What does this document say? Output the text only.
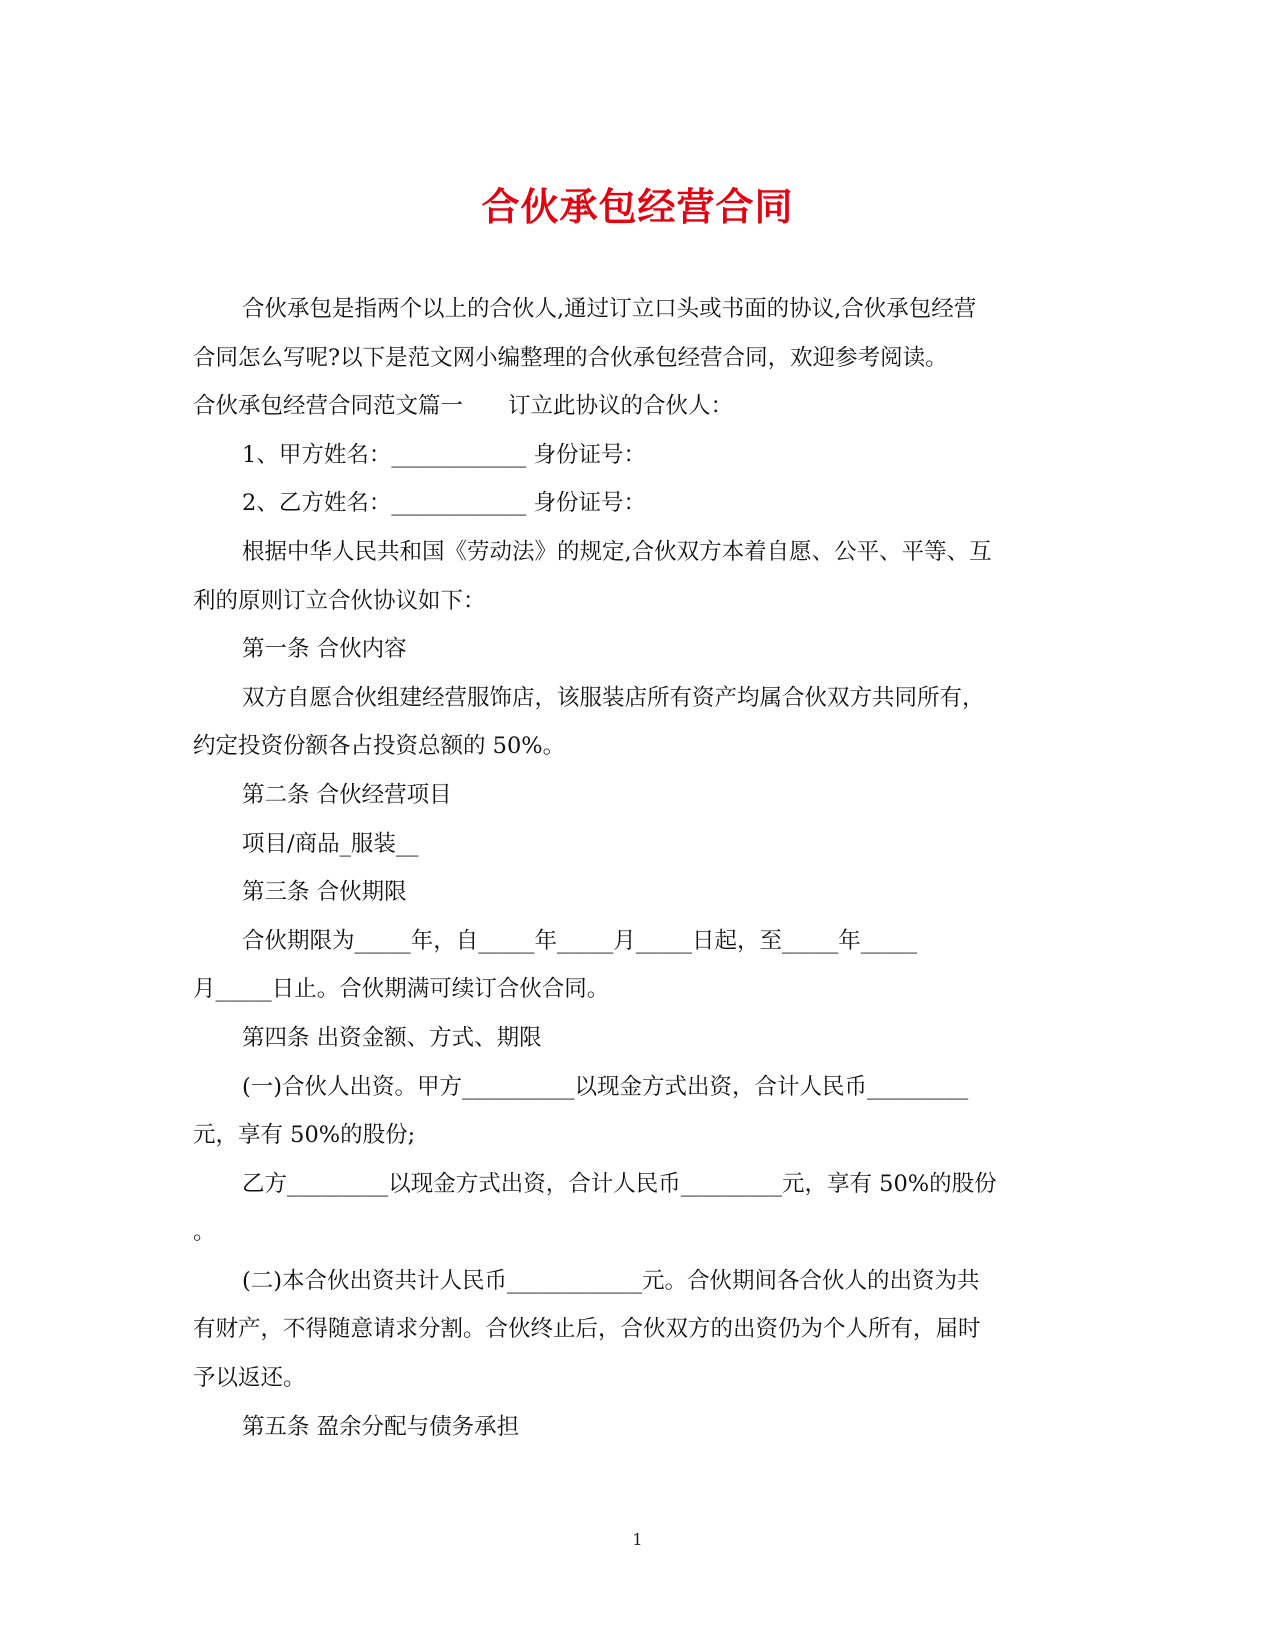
合伙承包经营合同
合伙承包是指两个以上的合伙人,通过订立口头或书面的协议,合伙承包经营
合同怎么写呢?以下是范文网小编整理的合伙承包经营合同，欢迎参考阅读。
合伙承包经营合同范文篇一　　订立此协议的合伙人：
1、甲方姓名：____________ 身份证号：
2、乙方姓名：____________ 身份证号：
根据中华人民共和国《劳动法》的规定,合伙双方本着自愿、公平、平等、互
利的原则订立合伙协议如下：
第一条 合伙内容
双方自愿合伙组建经营服饰店，该服装店所有资产均属合伙双方共同所有，
约定投资份额各占投资总额的 50%。
第二条 合伙经营项目
项目/商品_服装__
第三条 合伙期限
合伙期限为_____年，自_____年_____月_____日起，至_____年_____
月_____日止。合伙期满可续订合伙合同。
第四条 出资金额、方式、期限
(一)合伙人出资。甲方__________以现金方式出资，合计人民币_________
元，享有 50%的股份;
乙方_________以现金方式出资，合计人民币_________元，享有 50%的股份
。
(二)本合伙出资共计人民币____________元。合伙期间各合伙人的出资为共
有财产，不得随意请求分割。合伙终止后，合伙双方的出资仍为个人所有，届时
予以返还。
第五条 盈余分配与债务承担
1
